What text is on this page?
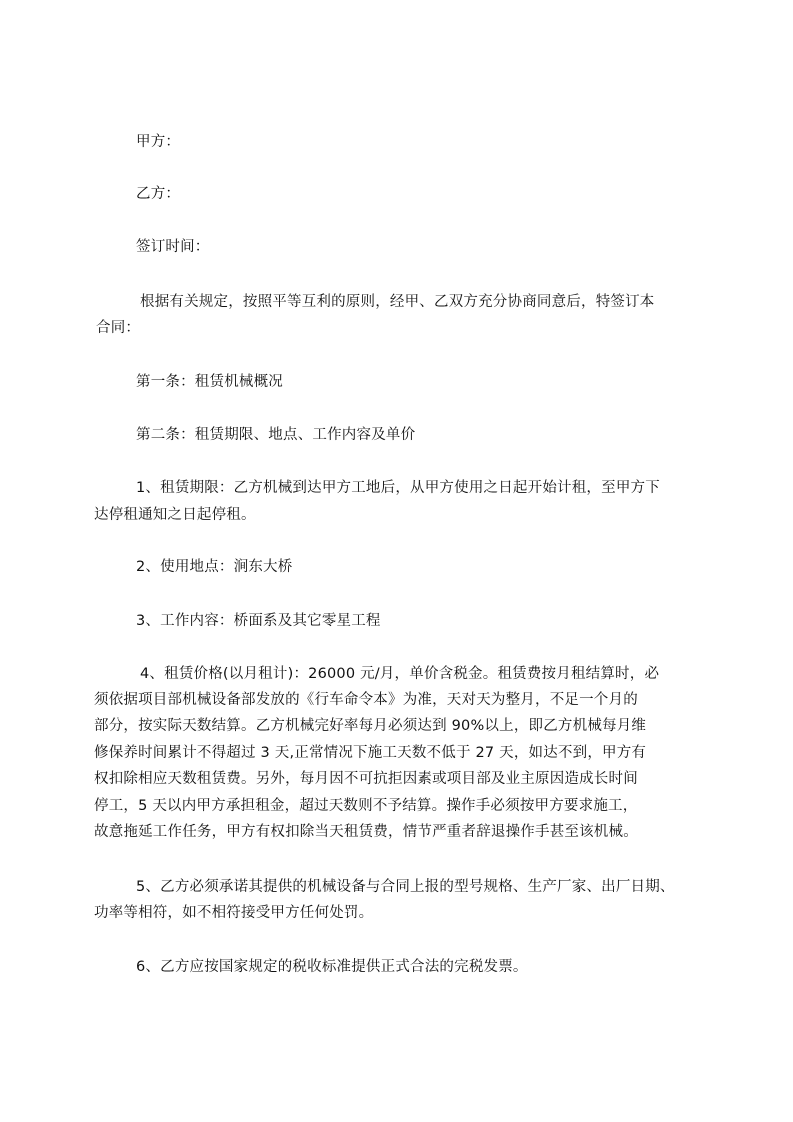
甲方：
乙方：
签订时间：
根据有关规定，按照平等互利的原则，经甲、乙双方充分协商同意后，特签订本
合同：
第一条：租赁机械概况
第二条：租赁期限、地点、工作内容及单价
1、租赁期限：乙方机械到达甲方工地后，从甲方使用之日起开始计租，至甲方下
达停租通知之日起停租。
2、使用地点：涧东大桥
3、工作内容：桥面系及其它零星工程
4、租赁价格(以月租计)：26000 元/月，单价含税金。租赁费按月租结算时，必
须依据项目部机械设备部发放的《行车命令本》为准，天对天为整月，不足一个月的
部分，按实际天数结算。乙方机械完好率每月必须达到 90%以上，即乙方机械每月维
修保养时间累计不得超过 3 天,正常情况下施工天数不低于 27 天，如达不到，甲方有
权扣除相应天数租赁费。另外，每月因不可抗拒因素或项目部及业主原因造成长时间
停工，5 天以内甲方承担租金，超过天数则不予结算。操作手必须按甲方要求施工，
故意拖延工作任务，甲方有权扣除当天租赁费，情节严重者辞退操作手甚至该机械。
5、乙方必须承诺其提供的机械设备与合同上报的型号规格、生产厂家、出厂日期、
功率等相符，如不相符接受甲方任何处罚。
6、乙方应按国家规定的税收标准提供正式合法的完税发票。
